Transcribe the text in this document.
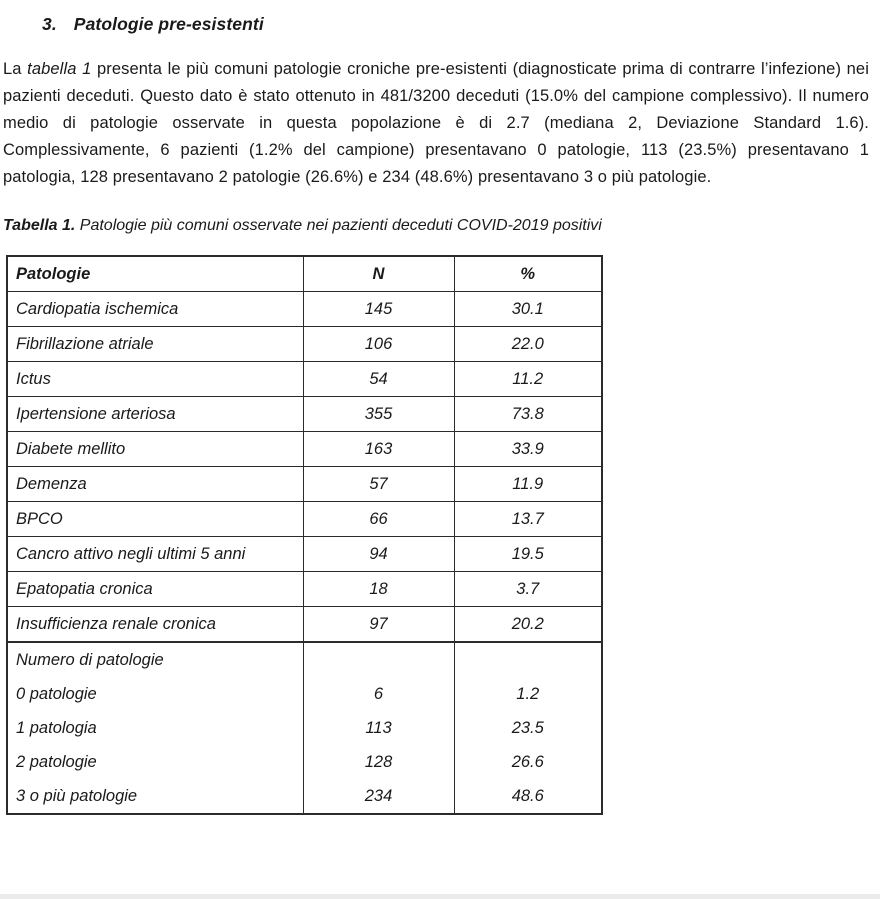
3. Patologie pre-esistenti

La tabella 1 presenta le più comuni patologie croniche pre-esistenti (diagnosticate prima di contrarre l’infezione) nei pazienti deceduti. Questo dato è stato ottenuto in 481/3200 deceduti (15.0% del campione complessivo). Il numero medio di patologie osservate in questa popolazione è di 2.7 (mediana 2, Deviazione Standard 1.6). Complessivamente, 6 pazienti (1.2% del campione) presentavano 0 patologie, 113 (23.5%) presentavano 1 patologia, 128 presentavano 2 patologie (26.6%) e 234 (48.6%) presentavano 3 o più patologie.

Tabella 1. Patologie più comuni osservate nei pazienti deceduti COVID-2019 positivi

Patologie	N	%
Cardiopatia ischemica	145	30.1
Fibrillazione atriale	106	22.0
Ictus	54	11.2
Ipertensione arteriosa	355	73.8
Diabete mellito	163	33.9
Demenza	57	11.9
BPCO	66	13.7
Cancro attivo negli ultimi 5 anni	94	19.5
Epatopatia cronica	18	3.7
Insufficienza renale cronica	97	20.2
Numero di patologie		
0 patologie	6	1.2
1 patologia	113	23.5
2 patologie	128	26.6
3 o più patologie	234	48.6
